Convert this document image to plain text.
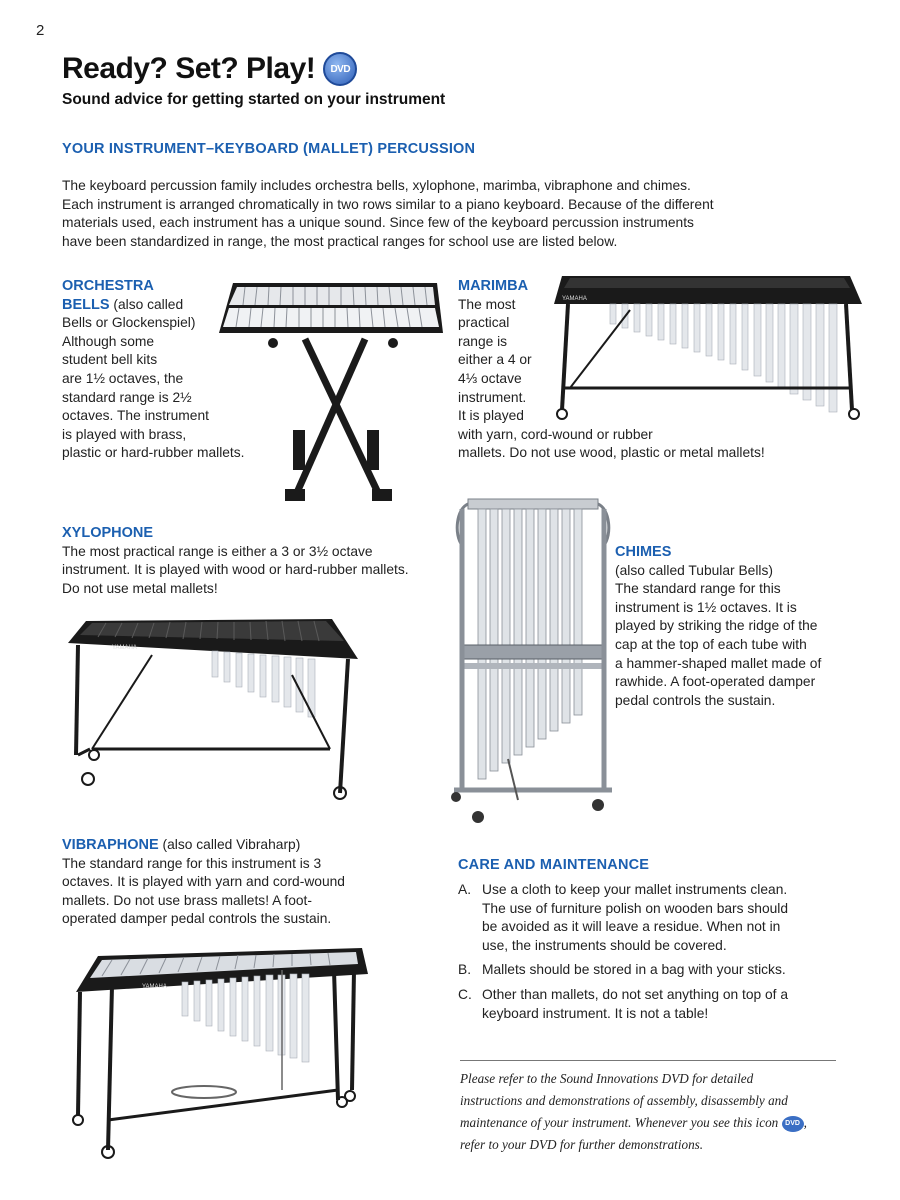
2
Ready? Set? Play!	DVD
Sound advice for getting started on your instrument
YOUR INSTRUMENT–KEYBOARD (MALLET) PERCUSSION
The keyboard percussion family includes orchestra bells, xylophone, marimba, vibraphone and chimes.
Each instrument is arranged chromatically in two rows similar to a piano keyboard. Because of the different
materials used, each instrument has a unique sound. Since few of the keyboard percussion instruments
have been standardized in range, the most practical ranges for school use are listed below.
ORCHESTRA
BELLS (also called
Bells or Glockenspiel)
Although some
student bell kits
are 1½ octaves, the
standard range is 2½
octaves. The instrument
is played with brass,
plastic or hard-rubber mallets.
MARIMBA
The most
practical
range is
either a 4 or
4⅓ octave
instrument.
It is played
with yarn, cord-wound or rubber
mallets. Do not use wood, plastic or metal mallets!
YAMAHA
XYLOPHONE
The most practical range is either a 3 or 3½ octave
instrument. It is played with wood or hard-rubber mallets.
Do not use metal mallets!
YAMAHA
CHIMES
(also called Tubular Bells)
The standard range for this
instrument is 1½ octaves. It is
played by striking the ridge of the
cap at the top of each tube with
a hammer-shaped mallet made of
rawhide. A foot-operated damper
pedal controls the sustain.
VIBRAPHONE (also called Vibraharp)
The standard range for this instrument is 3
octaves. It is played with yarn and cord-wound
mallets. Do not use brass mallets! A foot-
operated damper pedal controls the sustain.
YAMAHA
CARE AND MAINTENANCE
A. Use a cloth to keep your mallet instruments clean.
The use of furniture polish on wooden bars should
be avoided as it will leave a residue. When not in
use, the instruments should be covered.
B. Mallets should be stored in a bag with your sticks.
C. Other than mallets, do not set anything on top of a
keyboard instrument. It is not a table!
Please refer to the Sound Innovations DVD for detailed
instructions and demonstrations of assembly, disassembly and
maintenance of your instrument. Whenever you see this icon DVD ,
refer to your DVD for further demonstrations.
